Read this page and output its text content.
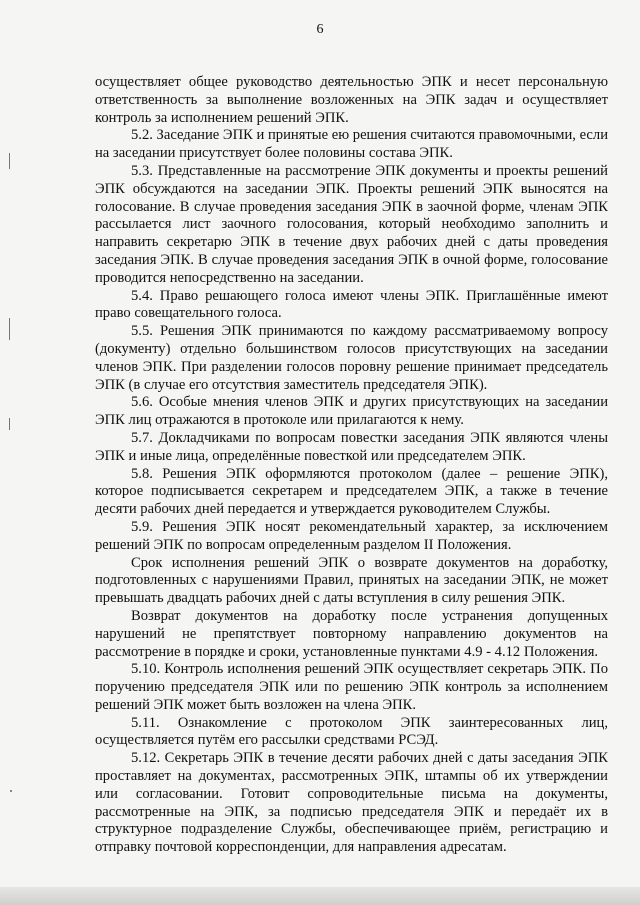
6

осуществляет общее руководство деятельностью ЭПК и несет персональную ответственность за выполнение возложенных на ЭПК задач и осуществляет контроль за исполнением решений ЭПК.

5.2. Заседание ЭПК и принятые ею решения считаются правомочными, если на заседании присутствует более половины состава ЭПК.

5.3. Представленные на рассмотрение ЭПК документы и проекты решений ЭПК обсуждаются на заседании ЭПК. Проекты решений ЭПК выносятся на голосование. В случае проведения заседания ЭПК в заочной форме, членам ЭПК рассылается лист заочного голосования, который необходимо заполнить и направить секретарю ЭПК в течение двух рабочих дней с даты проведения заседания ЭПК. В случае проведения заседания ЭПК в очной форме, голосование проводится непосредственно на заседании.

5.4. Право решающего голоса имеют члены ЭПК. Приглашённые имеют право совещательного голоса.

5.5. Решения ЭПК принимаются по каждому рассматриваемому вопросу (документу) отдельно большинством голосов присутствующих на заседании членов ЭПК. При разделении голосов поровну решение принимает председатель ЭПК (в случае его отсутствия заместитель председателя ЭПК).

5.6. Особые мнения членов ЭПК и других присутствующих на заседании ЭПК лиц отражаются в протоколе или прилагаются к нему.

5.7. Докладчиками по вопросам повестки заседания ЭПК являются члены ЭПК и иные лица, определённые повесткой или председателем ЭПК.

5.8. Решения ЭПК оформляются протоколом (далее – решение ЭПК), которое подписывается секретарем и председателем ЭПК, а также в течение десяти рабочих дней передается и утверждается руководителем Службы.

5.9. Решения ЭПК носят рекомендательный характер, за исключением решений ЭПК по вопросам определенным разделом II Положения.

Срок исполнения решений ЭПК о возврате документов на доработку, подготовленных с нарушениями Правил, принятых на заседании ЭПК, не может превышать двадцать рабочих дней с даты вступления в силу решения ЭПК.

Возврат документов на доработку после устранения допущенных нарушений не препятствует повторному направлению документов на рассмотрение в порядке и сроки, установленные пунктами 4.9 - 4.12 Положения.

5.10. Контроль исполнения решений ЭПК осуществляет секретарь ЭПК. По поручению председателя ЭПК или по решению ЭПК контроль за исполнением решений ЭПК может быть возложен на члена ЭПК.

5.11. Ознакомление с протоколом ЭПК заинтересованных лиц, осуществляется путём его рассылки средствами РСЭД.

5.12. Секретарь ЭПК в течение десяти рабочих дней с даты заседания ЭПК проставляет на документах, рассмотренных ЭПК, штампы об их утверждении или согласовании. Готовит сопроводительные письма на документы, рассмотренные на ЭПК, за подписью председателя ЭПК и передаёт их в структурное подразделение Службы, обеспечивающее приём, регистрацию и отправку почтовой корреспонденции, для направления адресатам.
